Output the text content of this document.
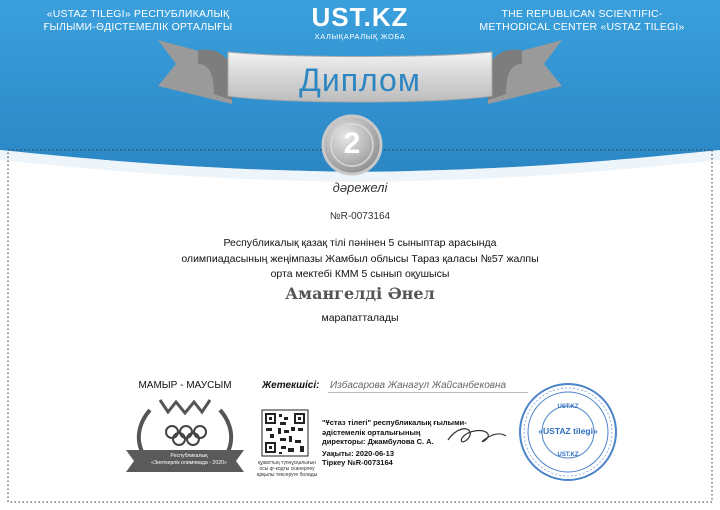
«USTAZ TILEGI» РЕСПУБЛИКАЛЫҚ
ҒЫЛЫМИ-ӘДІСТЕМЕЛІК ОРТАЛЫҒЫ	UST.KZ
ХАЛЫҚАРАЛЫҚ ЖОБА
THE REPUBLICAN SCIENTIFIC-
METHODICAL CENTER «USTAZ TILEGI»
Диплом
2
дәрежелі
№R-0073164
Республикалық қазақ тілі пәнінен 5 сыныптар арасында
олимпиадасының жеңімпазы Жамбыл облысы Тараз қаласы №57 жалпы
орта мектебі КММ 5 сынып оқушысы
Амангелді Әнел
марапатталады
МАМЫР - МАУСЫМ	Жетекшісі: Избасарова Жанагул Жайсанбековна
Республикалық
«Зияткерлік олимпиада - 2020»	құжаттың түпнұсқалығын
осы qr-кодты сканерлеу
арқылы тексеруге болады
"Ұстаз тілегі" республикалық ғылыми-
әдістемелік орталығының
директоры: Джамбулова С. А.
Уақыты: 2020-06-13
Тіркеу №R-0073164
UST.KZ
«USTAZ tilegi»
UST.KZ
